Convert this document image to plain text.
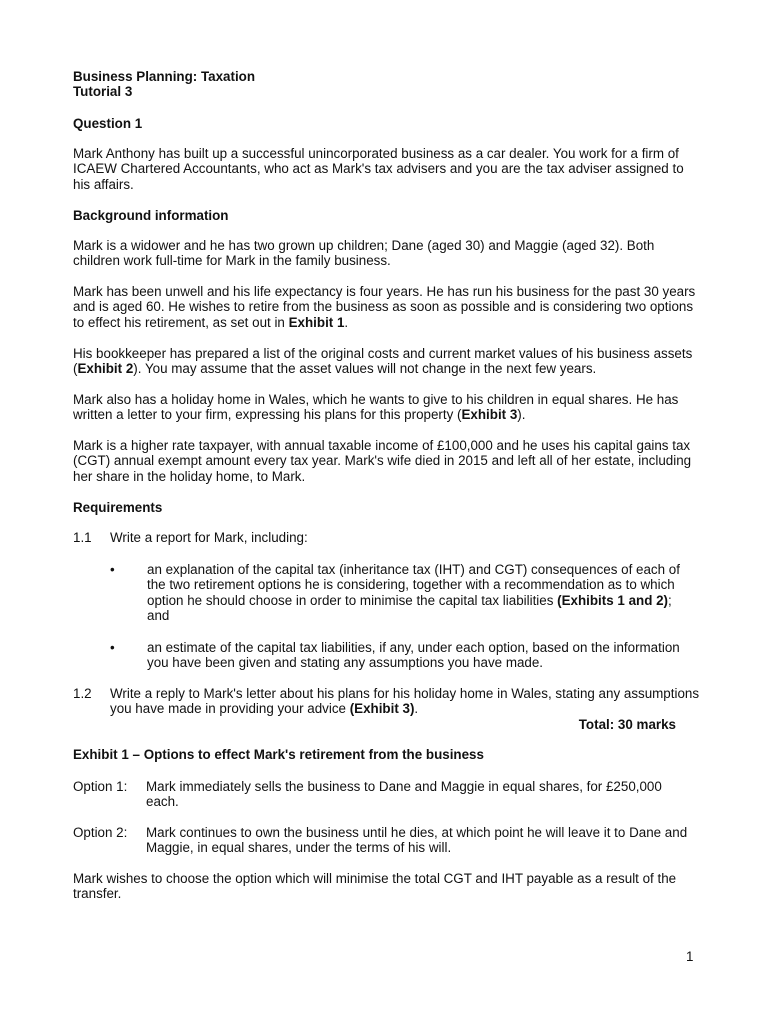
Business Planning: Taxation
Tutorial 3
Question 1
Mark Anthony has built up a successful unincorporated business as a car dealer. You work for a firm of ICAEW Chartered Accountants, who act as Mark's tax advisers and you are the tax adviser assigned to his affairs.
Background information
Mark is a widower and he has two grown up children; Dane (aged 30) and Maggie (aged 32). Both children work full-time for Mark in the family business.
Mark has been unwell and his life expectancy is four years. He has run his business for the past 30 years and is aged 60. He wishes to retire from the business as soon as possible and is considering two options to effect his retirement, as set out in Exhibit 1.
His bookkeeper has prepared a list of the original costs and current market values of his business assets (Exhibit 2). You may assume that the asset values will not change in the next few years.
Mark also has a holiday home in Wales, which he wants to give to his children in equal shares. He has written a letter to your firm, expressing his plans for this property (Exhibit 3).
Mark is a higher rate taxpayer, with annual taxable income of £100,000 and he uses his capital gains tax (CGT) annual exempt amount every tax year. Mark's wife died in 2015 and left all of her estate, including her share in the holiday home, to Mark.
Requirements
1.1 Write a report for Mark, including:
• an explanation of the capital tax (inheritance tax (IHT) and CGT) consequences of each of the two retirement options he is considering, together with a recommendation as to which option he should choose in order to minimise the capital tax liabilities (Exhibits 1 and 2); and
• an estimate of the capital tax liabilities, if any, under each option, based on the information you have been given and stating any assumptions you have made.
1.2 Write a reply to Mark's letter about his plans for his holiday home in Wales, stating any assumptions you have made in providing your advice (Exhibit 3).
Total: 30 marks
Exhibit 1 – Options to effect Mark's retirement from the business
Option 1: Mark immediately sells the business to Dane and Maggie in equal shares, for £250,000 each.
Option 2: Mark continues to own the business until he dies, at which point he will leave it to Dane and Maggie, in equal shares, under the terms of his will.
Mark wishes to choose the option which will minimise the total CGT and IHT payable as a result of the transfer.
1
